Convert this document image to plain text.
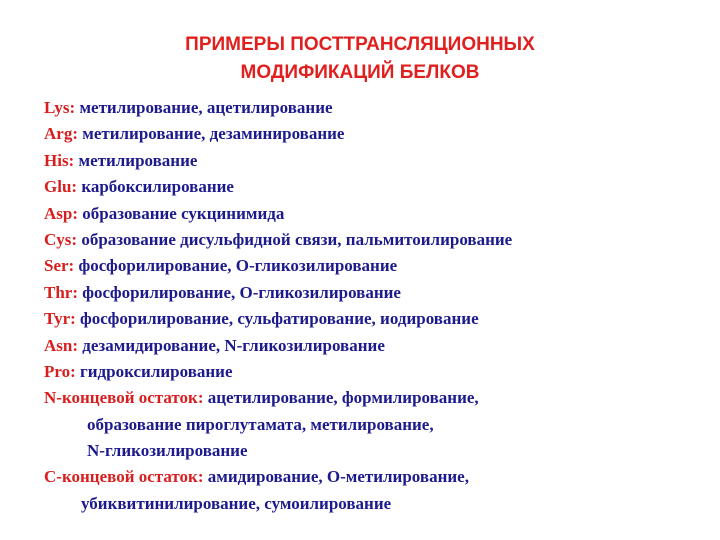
ПРИМЕРЫ ПОСТТРАНСЛЯЦИОННЫХ
МОДИФИКАЦИЙ БЕЛКОВ
Lys: метилирование, ацетилирование
Arg: метилирование, дезаминирование
His: метилирование
Glu: карбоксилирование
Asp: образование сукцинимида
Cys: образование дисульфидной связи, пальмитоилирование
Ser: фосфорилирование, О-гликозилирование
Thr: фосфорилирование, О-гликозилирование
Tyr: фосфорилирование, сульфатирование, иодирование
Asn: дезамидирование, N-гликозилирование
Pro: гидроксилирование
N-концевой остаток: ацетилирование, формилирование,
образование пироглутамата, метилирование,
N-гликозилирование
C-концевой остаток: амидирование, О-метилирование,
убиквитинилирование, сумоилирование
